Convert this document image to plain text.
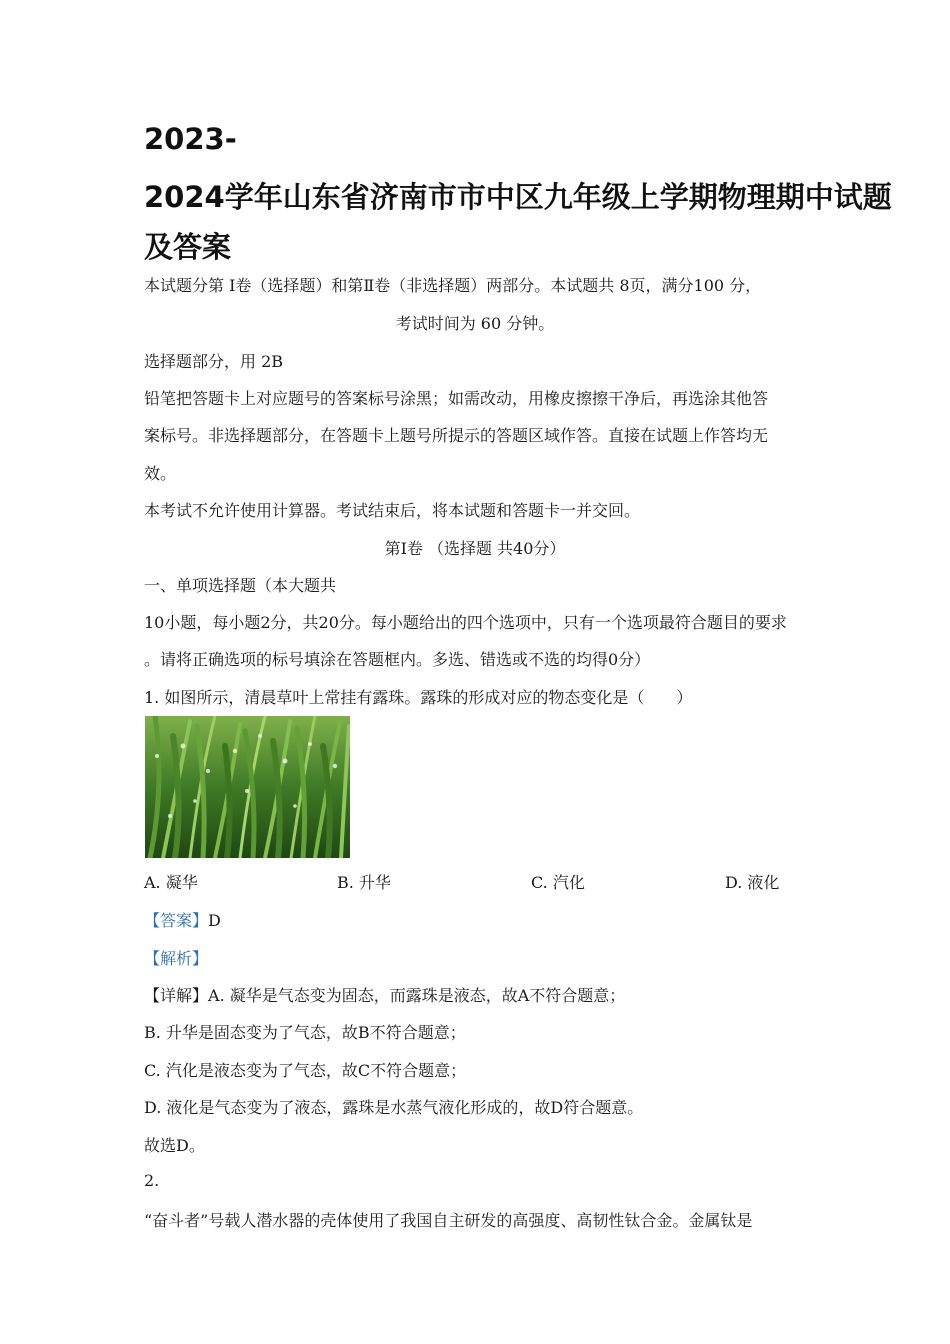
2023-
2024学年山东省济南市市中区九年级上学期物理期中试题
及答案
本试题分第 Ⅰ卷（选择题）和第Ⅱ卷（非选择题）两部分。本试题共 8页，满分100 分，
考试时间为 60 分钟。
选择题部分，用 2B
铅笔把答题卡上对应题号的答案标号涂黑；如需改动，用橡皮擦擦干净后，再选涂其他答
案标号。非选择题部分，在答题卡上题号所提示的答题区域作答。直接在试题上作答均无
效。
本考试不允许使用计算器。考试结束后，将本试题和答题卡一并交回。
第Ⅰ卷 （选择题 共40分）
一、单项选择题（本大题共
10小题，每小题2分，共20分。每小题给出的四个选项中，只有一个选项最符合题目的要求
。请将正确选项的标号填涂在答题框内。多选、错选或不选的均得0分）
1. 如图所示，清晨草叶上常挂有露珠。露珠的形成对应的物态变化是（　　）
A. 凝华	B. 升华	C. 汽化	D. 液化
【答案】D
【解析】
【详解】A. 凝华是气态变为固态，而露珠是液态，故A不符合题意；
B. 升华是固态变为了气态，故B不符合题意；
C. 汽化是液态变为了气态，故C不符合题意；
D. 液化是气态变为了液态，露珠是水蒸气液化形成的，故D符合题意。
故选D。
2.
“奋斗者”号载人潜水器的壳体使用了我国自主研发的高强度、高韧性钛合金。金属钛是
